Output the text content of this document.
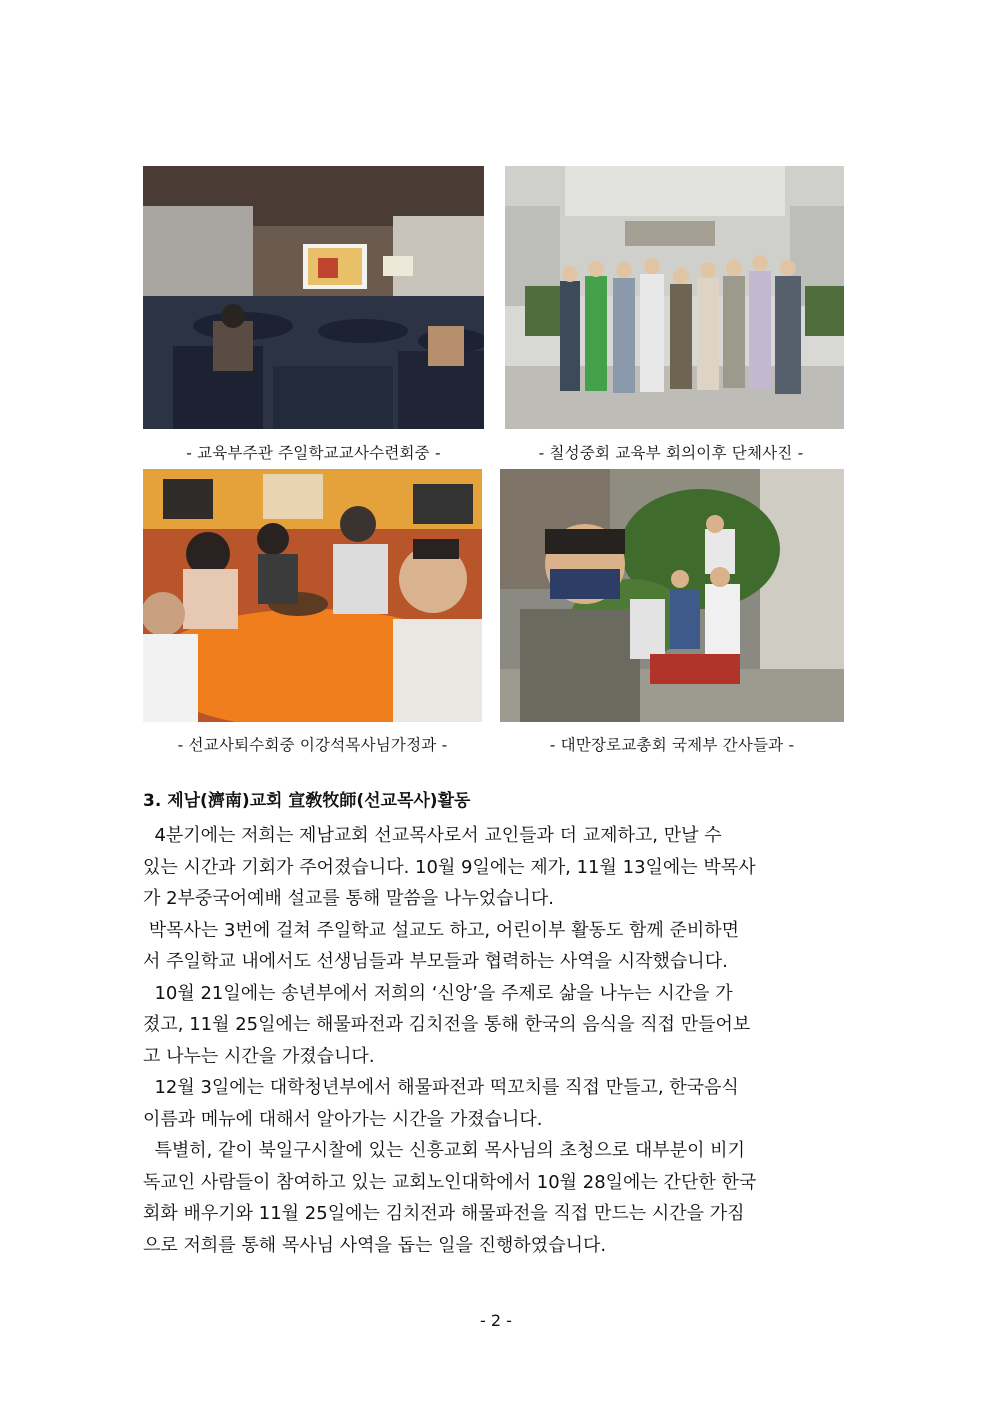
- 교육부주관 주일학교교사수련회중 -	- 칠성중회 교육부 회의이후 단체사진 -
- 선교사퇴수회중 이강석목사님가정과 -	- 대만장로교총회 국제부 간사들과 -
3. 제남(濟南)교회 宣敎牧師(선교목사)활동
4분기에는 저희는 제남교회 선교목사로서 교인들과 더 교제하고, 만날 수
있는 시간과 기회가 주어졌습니다. 10월 9일에는 제가, 11월 13일에는 박목사
가 2부중국어예배 설교를 통해 말씀을 나누었습니다.
박목사는 3번에 걸쳐 주일학교 설교도 하고, 어린이부 활동도 함께 준비하면
서 주일학교 내에서도 선생님들과 부모들과 협력하는 사역을 시작했습니다.
10월 21일에는 송년부에서 저희의 ‘신앙’을 주제로 삶을 나누는 시간을 가
졌고, 11월 25일에는 해물파전과 김치전을 통해 한국의 음식을 직접 만들어보
고 나누는 시간을 가졌습니다.
12월 3일에는 대학청년부에서 해물파전과 떡꼬치를 직접 만들고, 한국음식
이름과 메뉴에 대해서 알아가는 시간을 가졌습니다.
특별히, 같이 북일구시찰에 있는 신흥교회 목사님의 초청으로 대부분이 비기
독교인 사람들이 참여하고 있는 교회노인대학에서 10월 28일에는 간단한 한국
회화 배우기와 11월 25일에는 김치전과 해물파전을 직접 만드는 시간을 가짐
으로 저희를 통해 목사님 사역을 돕는 일을 진행하였습니다.
- 2 -
